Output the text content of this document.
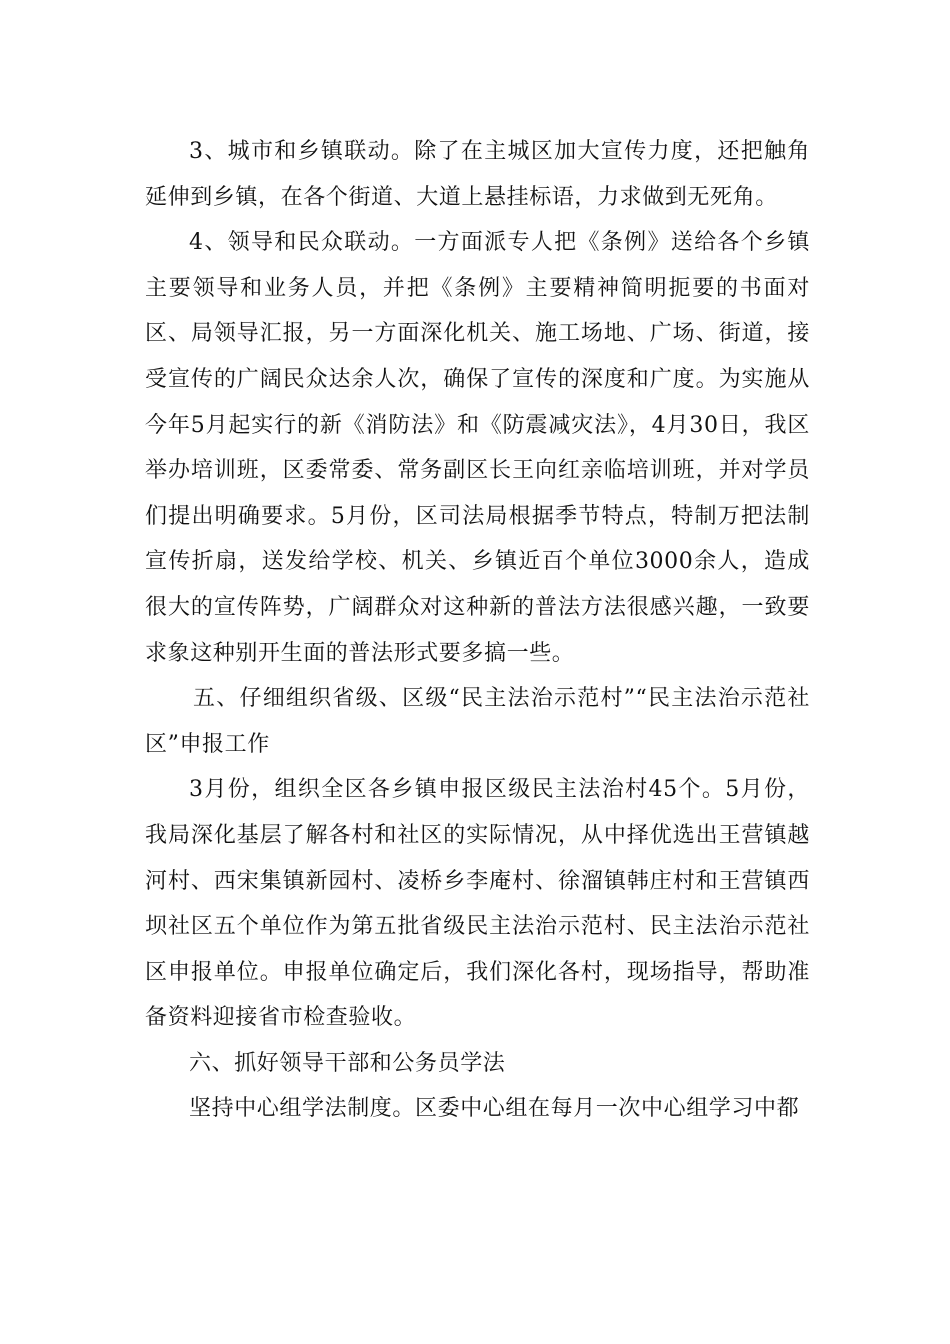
3、城市和乡镇联动。除了在主城区加大宣传力度，还把触角延伸到乡镇，在各个街道、大道上悬挂标语，力求做到无死角。

4、领导和民众联动。一方面派专人把《条例》送给各个乡镇主要领导和业务人员，并把《条例》主要精神简明扼要的书面对区、局领导汇报，另一方面深化机关、施工场地、广场、街道，接受宣传的广阔民众达余人次，确保了宣传的深度和广度。为实施从今年5月起实行的新《消防法》和《防震减灾法》，4月30日，我区举办培训班，区委常委、常务副区长王向红亲临培训班，并对学员们提出明确要求。5月份，区司法局根据季节特点，特制万把法制宣传折扇，送发给学校、机关、乡镇近百个单位3000余人，造成很大的宣传阵势，广阔群众对这种新的普法方法很感兴趣，一致要求象这种别开生面的普法形式要多搞一些。

五、仔细组织省级、区级“民主法治示范村”“民主法治示范社区”申报工作

3月份，组织全区各乡镇申报区级民主法治村45个。5月份，我局深化基层了解各村和社区的实际情况，从中择优选出王营镇越河村、西宋集镇新园村、凌桥乡李庵村、徐溜镇韩庄村和王营镇西坝社区五个单位作为第五批省级民主法治示范村、民主法治示范社区申报单位。申报单位确定后，我们深化各村，现场指导，帮助准备资料迎接省市检查验收。

六、抓好领导干部和公务员学法

坚持中心组学法制度。区委中心组在每月一次中心组学习中都
